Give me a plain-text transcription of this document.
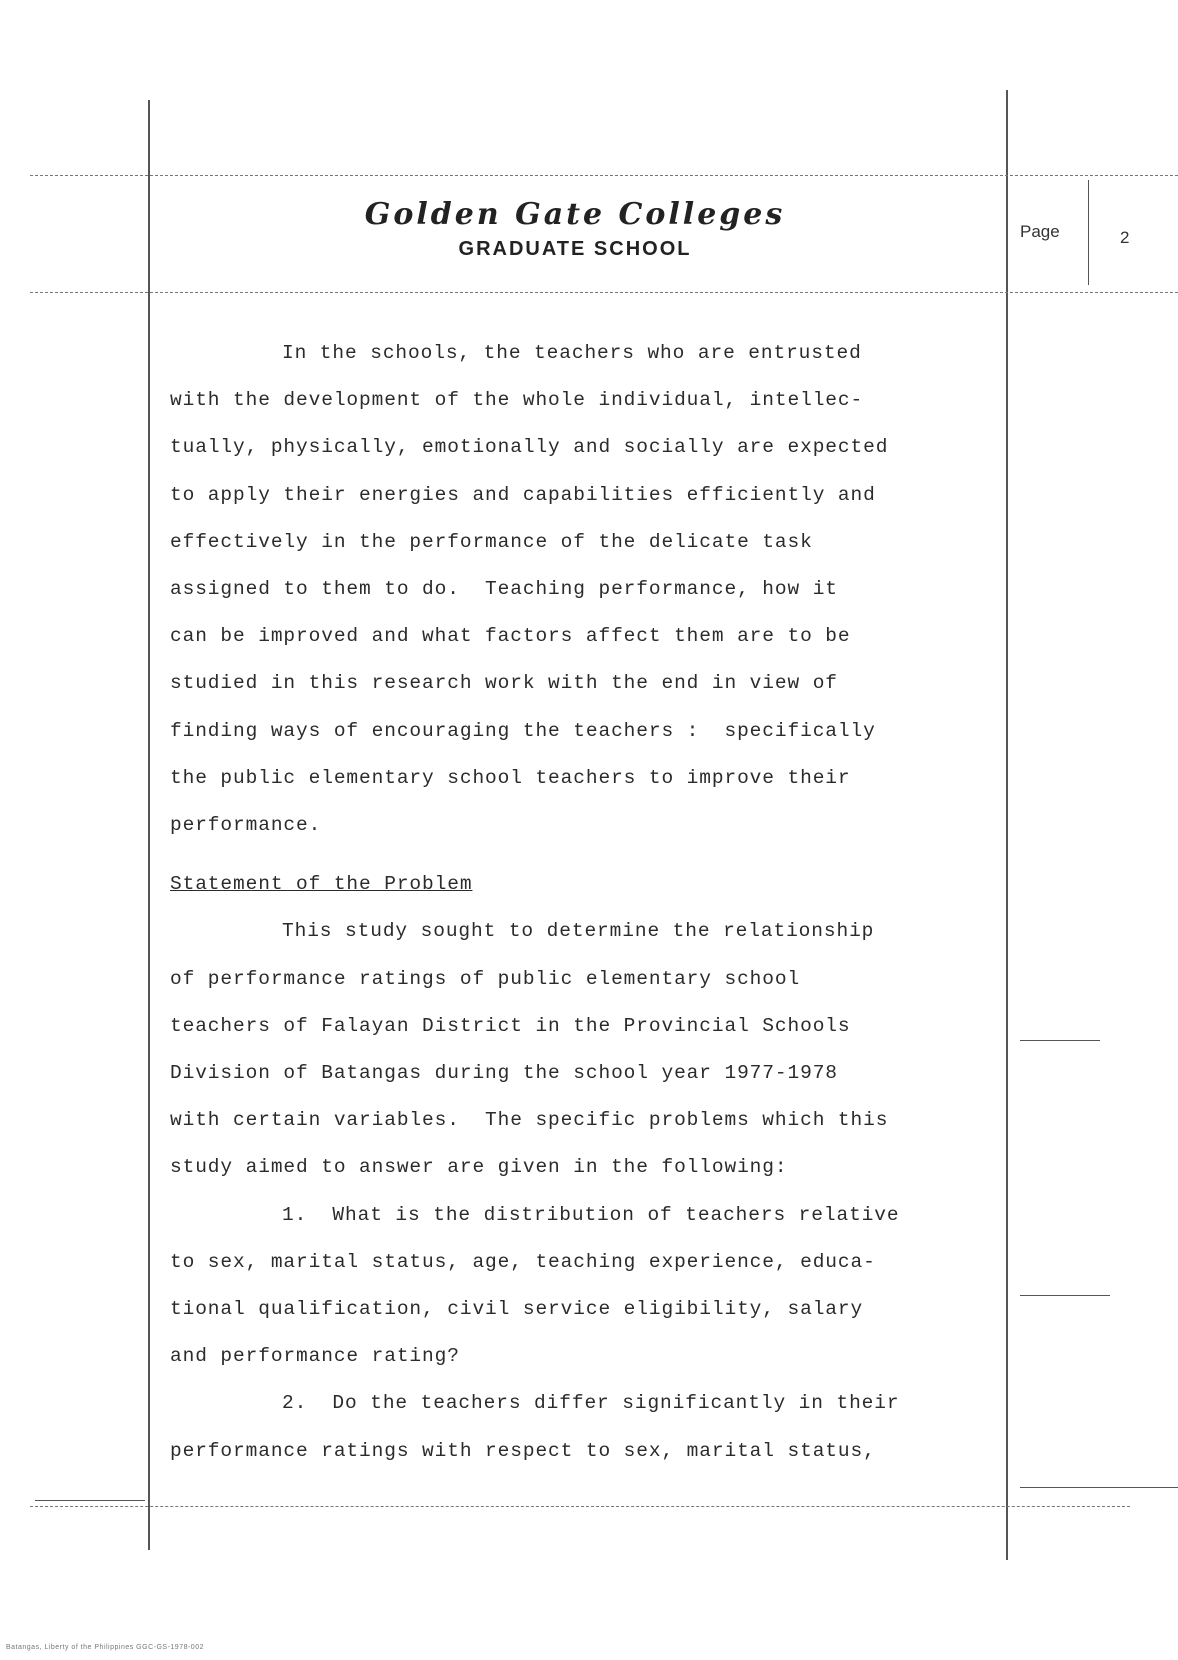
Golden Gate Colleges
GRADUATE SCHOOL
Page	2

In the schools, the teachers who are entrusted

with the development of the whole individual, intellec-

tually, physically, emotionally and socially are expected

to apply their energies and capabilities efficiently and

effectively in the performance of the delicate task

assigned to them to do.  Teaching performance, how it

can be improved and what factors affect them are to be

studied in this research work with the end in view of

finding ways of encouraging the teachers :  specifically

the public elementary school teachers to improve their

performance.

Statement of the Problem

This study sought to determine the relationship

of performance ratings of public elementary school

teachers of Falayan District in the Provincial Schools

Division of Batangas during the school year 1977-1978

with certain variables.  The specific problems which this

study aimed to answer are given in the following:

1.  What is the distribution of teachers relative

to sex, marital status, age, teaching experience, educa-

tional qualification, civil service eligibility, salary

and performance rating?

2.  Do the teachers differ significantly in their

performance ratings with respect to sex, marital status,

Batangas, Liberty of the Philippines GGC-GS-1978-002
